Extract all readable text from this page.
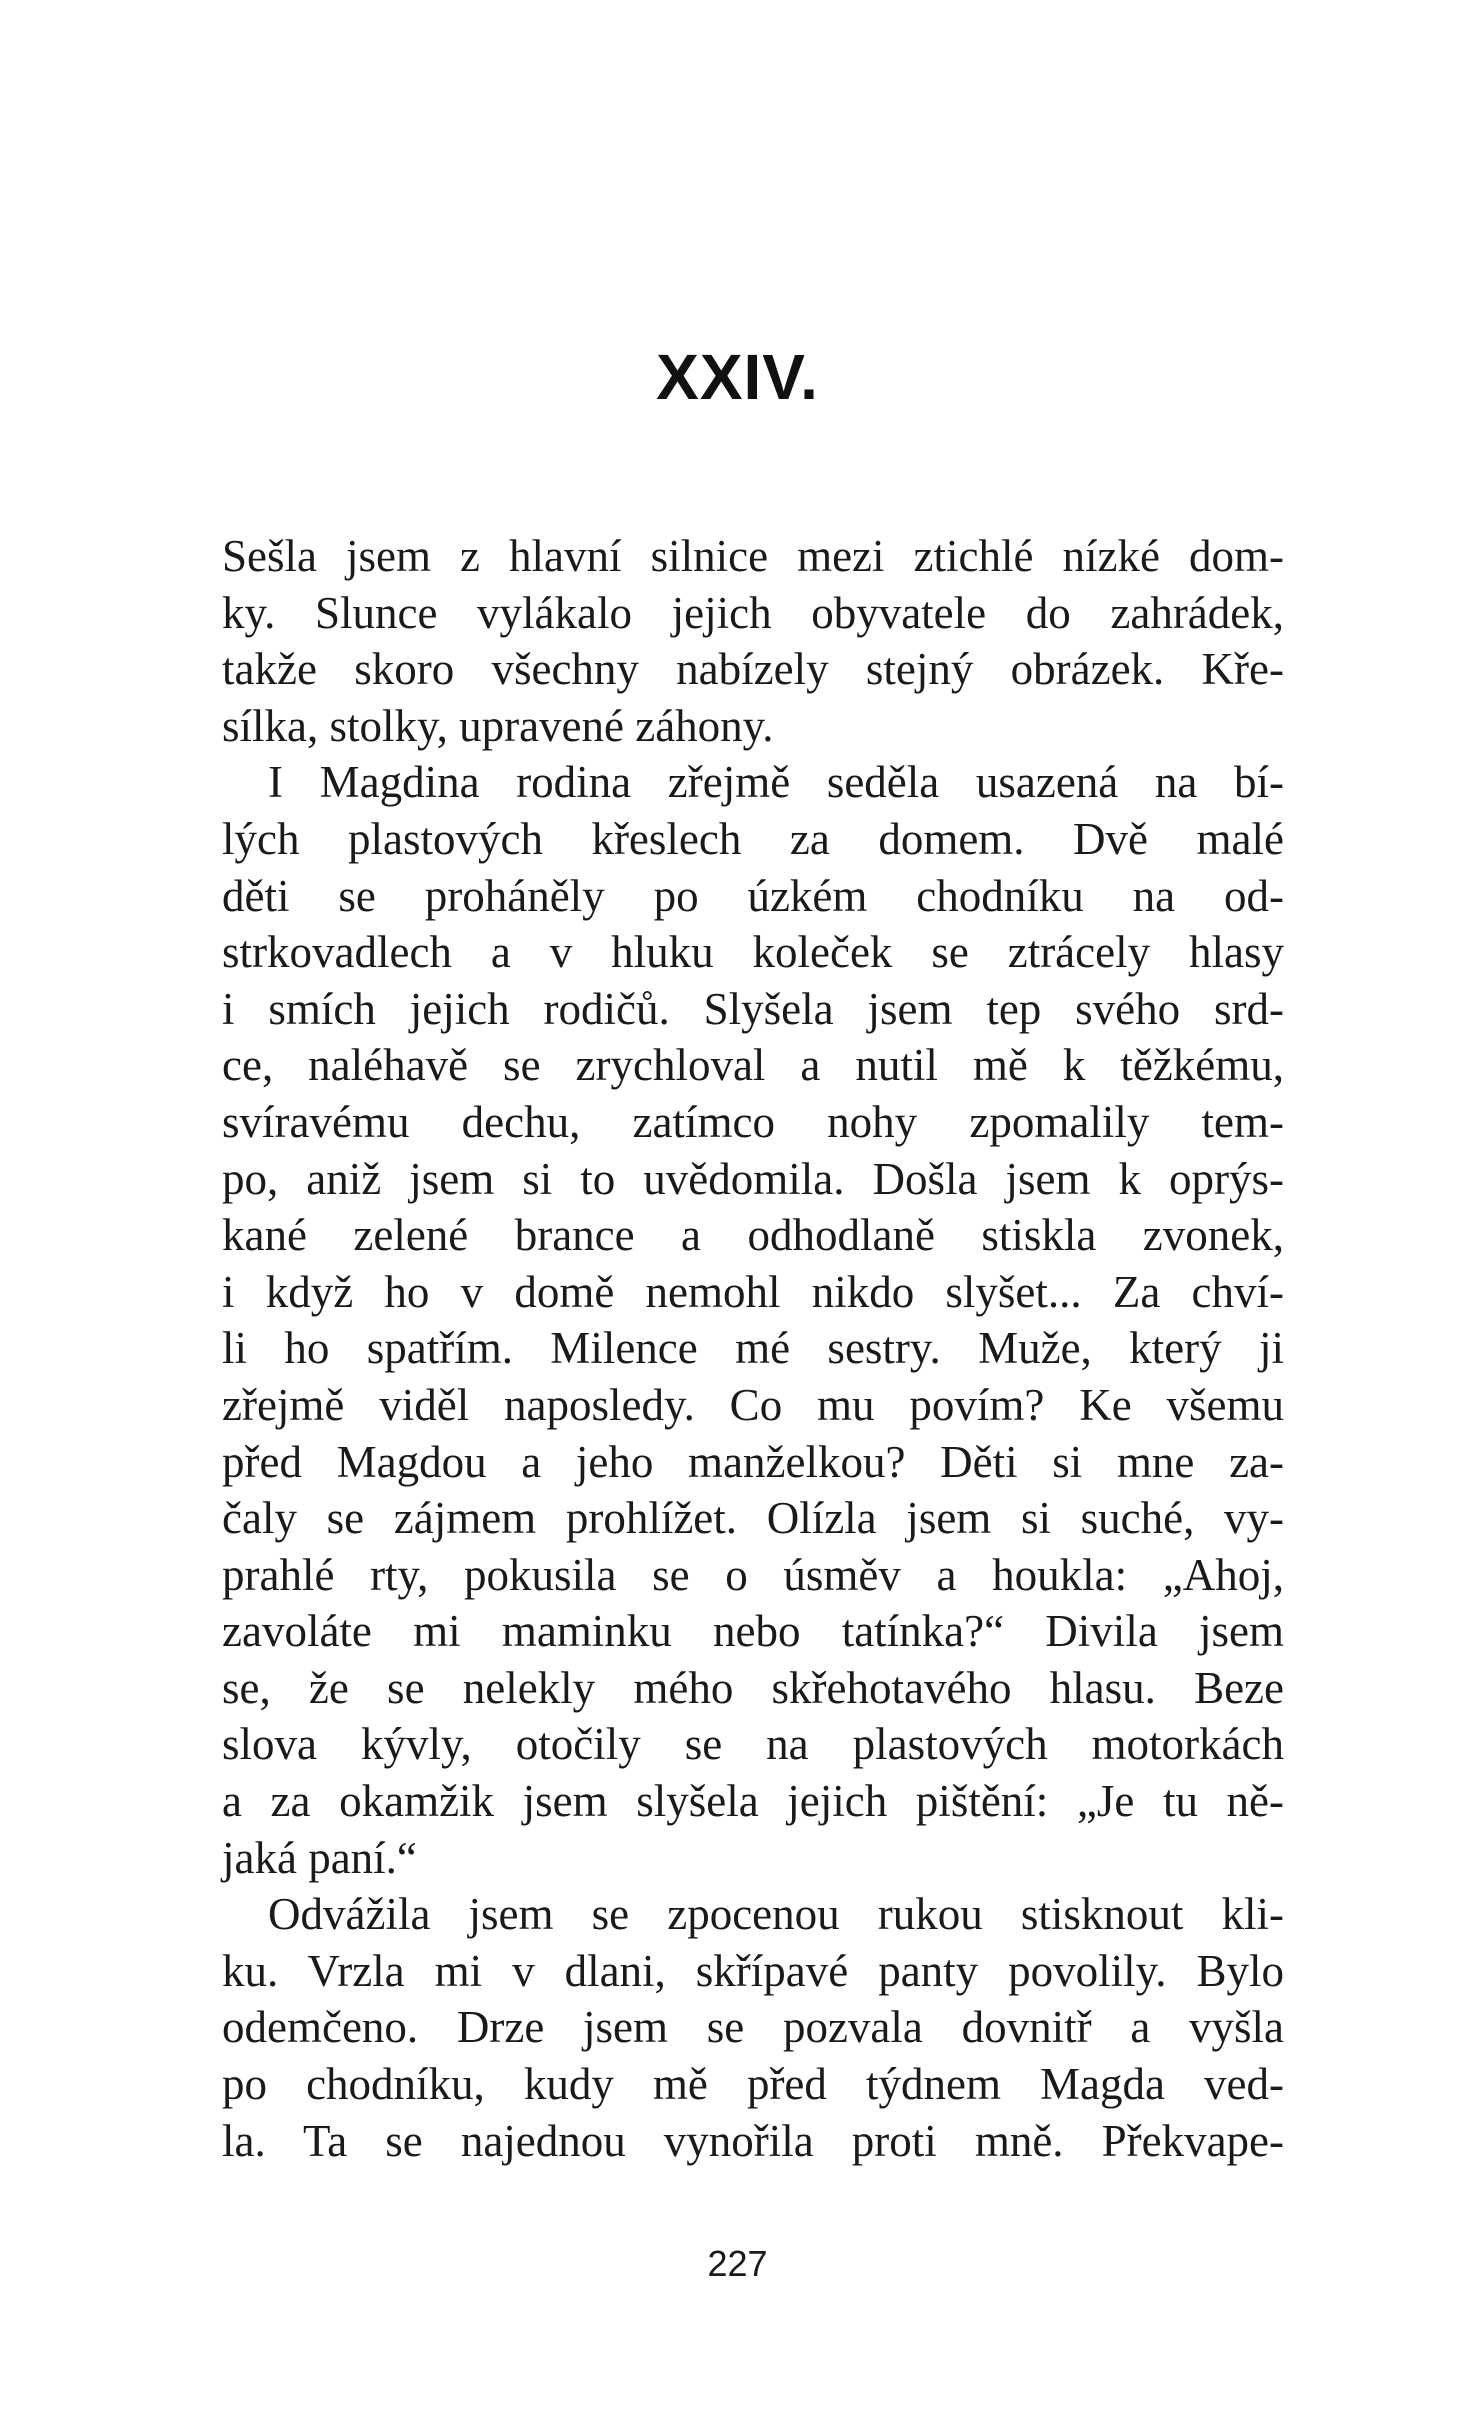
XXIV.
Sešla jsem z hlavní silnice mezi ztichlé nízké dom-
ky. Slunce vylákalo jejich obyvatele do zahrádek,
takže skoro všechny nabízely stejný obrázek. Kře-
sílka, stolky, upravené záhony.
I Magdina rodina zřejmě seděla usazená na bí-
lých plastových křeslech za domem. Dvě malé
děti se proháněly po úzkém chodníku na od-
strkovadlech a v hluku koleček se ztrácely hlasy
i smích jejich rodičů. Slyšela jsem tep svého srd-
ce, naléhavě se zrychloval a nutil mě k těžkému,
svíravému dechu, zatímco nohy zpomalily tem-
po, aniž jsem si to uvědomila. Došla jsem k oprýs-
kané zelené brance a odhodlaně stiskla zvonek,
i když ho v domě nemohl nikdo slyšet... Za chví-
li ho spatřím. Milence mé sestry. Muže, který ji
zřejmě viděl naposledy. Co mu povím? Ke všemu
před Magdou a jeho manželkou? Děti si mne za-
čaly se zájmem prohlížet. Olízla jsem si suché, vy-
prahlé rty, pokusila se o úsměv a houkla: „Ahoj,
zavoláte mi maminku nebo tatínka?“ Divila jsem
se, že se nelekly mého skřehotavého hlasu. Beze
slova kývly, otočily se na plastových motorkách
a za okamžik jsem slyšela jejich pištění: „Je tu ně-
jaká paní.“
Odvážila jsem se zpocenou rukou stisknout kli-
ku. Vrzla mi v dlani, skřípavé panty povolily. Bylo
odemčeno. Drze jsem se pozvala dovnitř a vyšla
po chodníku, kudy mě před týdnem Magda ved-
la. Ta se najednou vynořila proti mně. Překvape-
227
